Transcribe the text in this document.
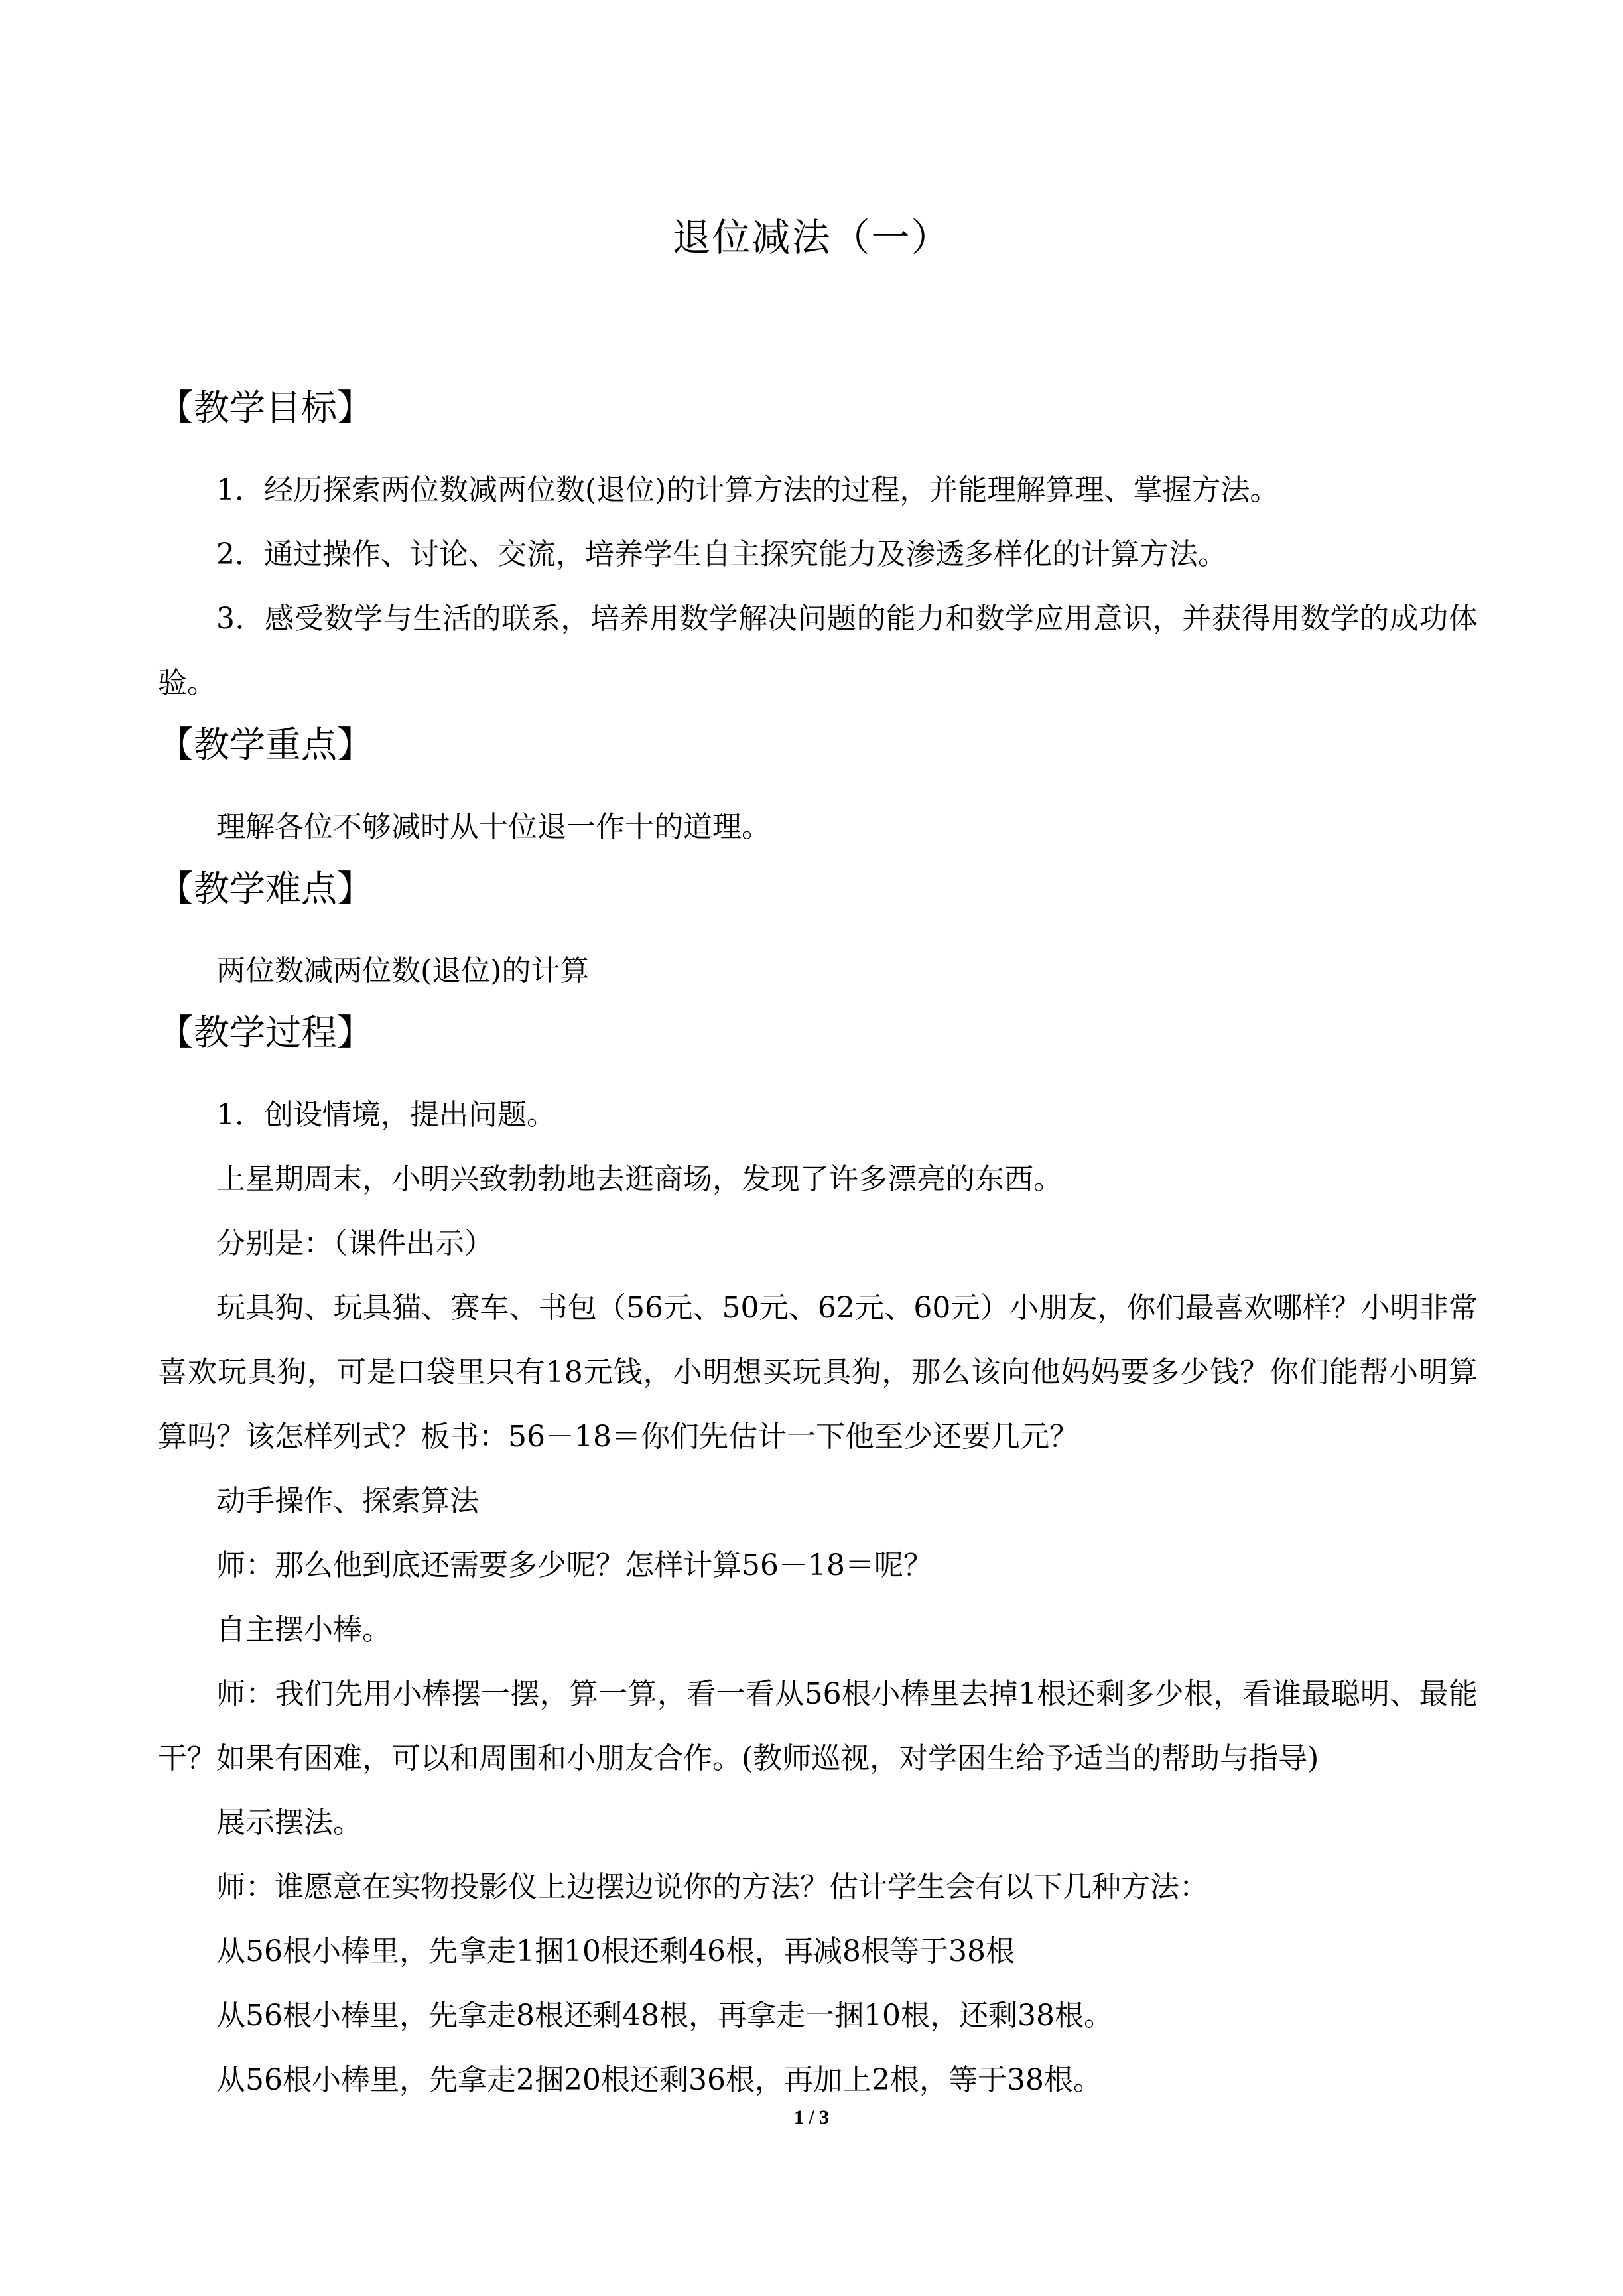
退位减法（一）
【教学目标】
1．经历探索两位数减两位数(退位)的计算方法的过程，并能理解算理、掌握方法。
2．通过操作、讨论、交流，培养学生自主探究能力及渗透多样化的计算方法。
3．感受数学与生活的联系，培养用数学解决问题的能力和数学应用意识，并获得用数学的成功体验。
【教学重点】
理解各位不够减时从十位退一作十的道理。
【教学难点】
两位数减两位数(退位)的计算
【教学过程】
1．创设情境，提出问题。
上星期周末，小明兴致勃勃地去逛商场，发现了许多漂亮的东西。
分别是：（课件出示）
玩具狗、玩具猫、赛车、书包（56元、50元、62元、60元）小朋友，你们最喜欢哪样？小明非常喜欢玩具狗，可是口袋里只有18元钱，小明想买玩具狗，那么该向他妈妈要多少钱？你们能帮小明算算吗？该怎样列式？板书：56－18＝你们先估计一下他至少还要几元？
动手操作、探索算法
师：那么他到底还需要多少呢？怎样计算56－18＝呢？
自主摆小棒。
师：我们先用小棒摆一摆，算一算，看一看从56根小棒里去掉1根还剩多少根，看谁最聪明、最能干？如果有困难，可以和周围和小朋友合作。(教师巡视，对学困生给予适当的帮助与指导)
展示摆法。
师：谁愿意在实物投影仪上边摆边说你的方法？估计学生会有以下几种方法：
从56根小棒里，先拿走1捆10根还剩46根，再减8根等于38根
从56根小棒里，先拿走8根还剩48根，再拿走一捆10根，还剩38根。
从56根小棒里，先拿走2捆20根还剩36根，再加上2根，等于38根。
1 / 3
